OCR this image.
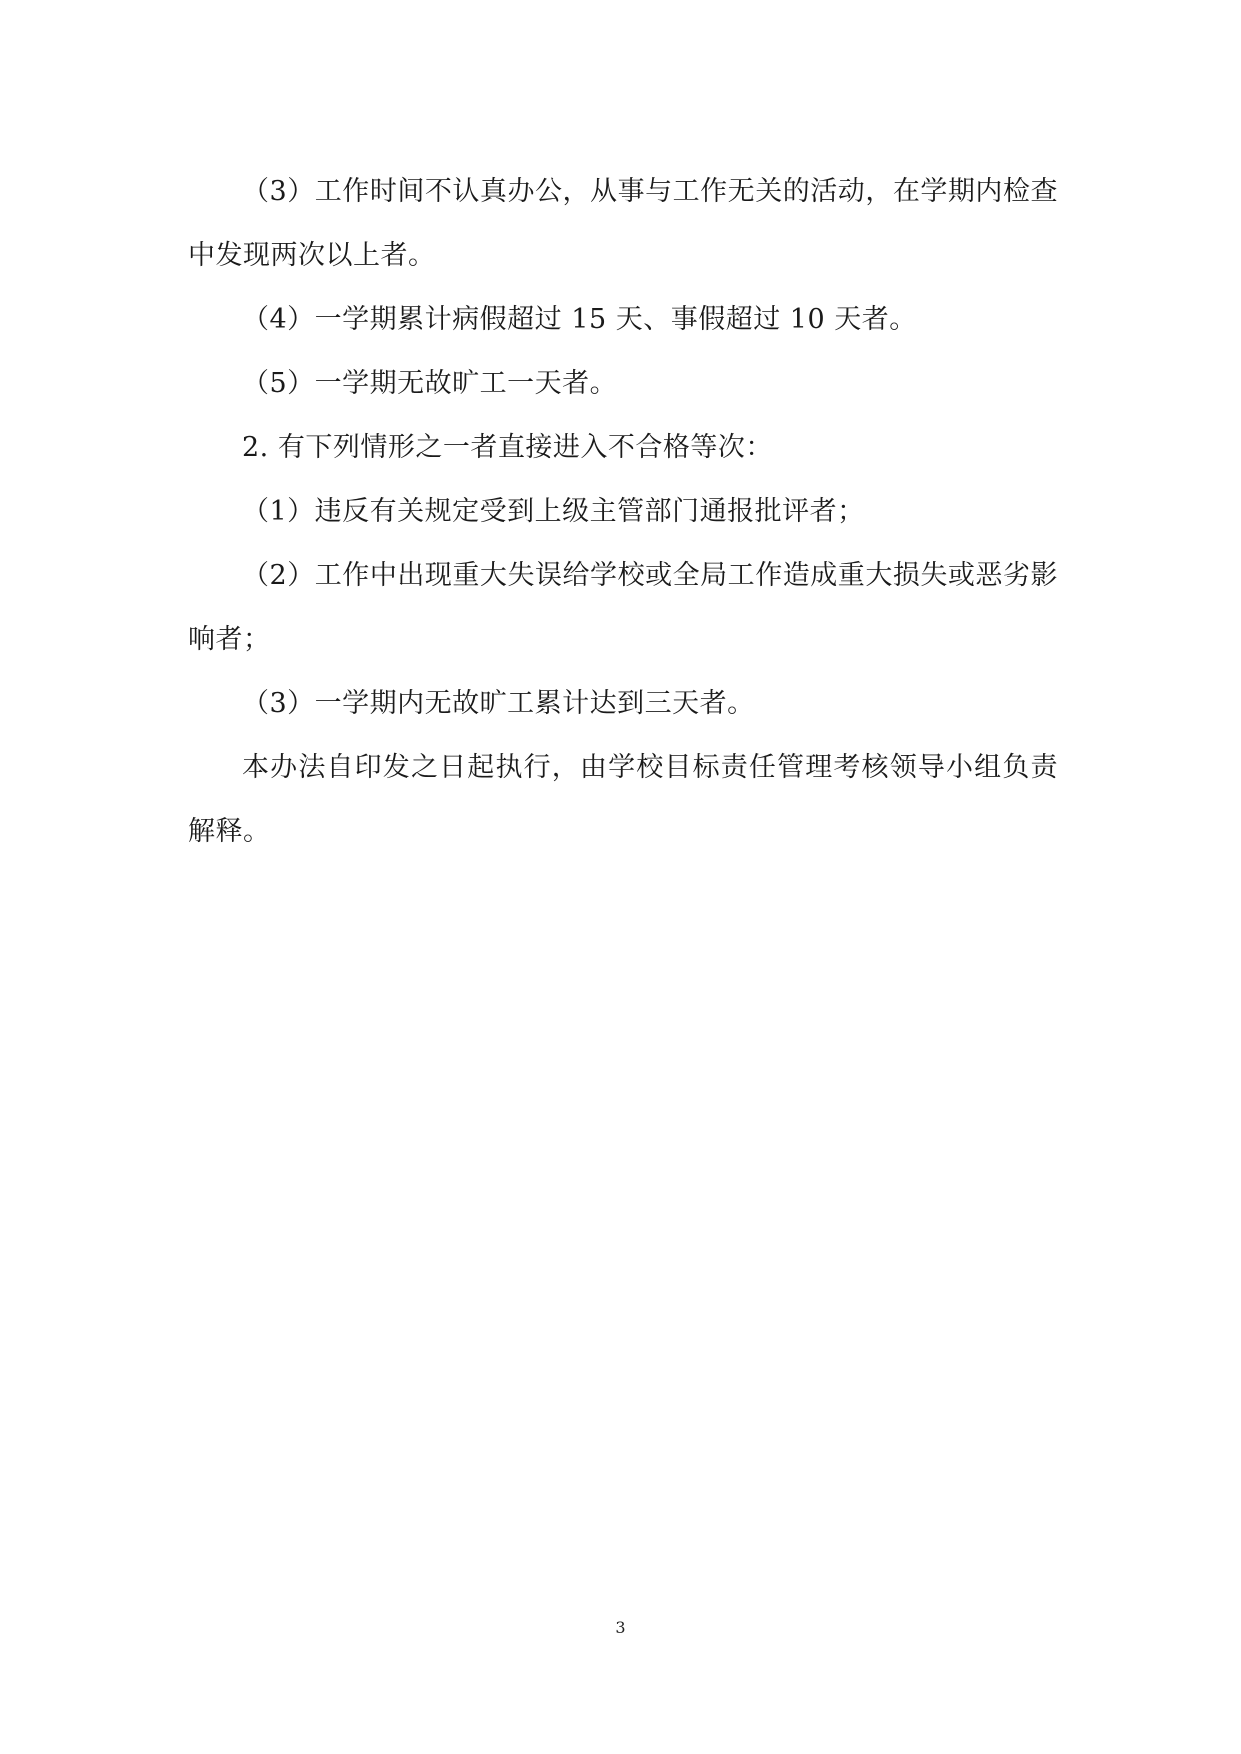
（3）工作时间不认真办公，从事与工作无关的活动，在学期内检查中发现两次以上者。

（4）一学期累计病假超过 15 天、事假超过 10 天者。

（5）一学期无故旷工一天者。

2. 有下列情形之一者直接进入不合格等次：

（1）违反有关规定受到上级主管部门通报批评者；

（2）工作中出现重大失误给学校或全局工作造成重大损失或恶劣影响者；

（3）一学期内无故旷工累计达到三天者。

本办法自印发之日起执行，由学校目标责任管理考核领导小组负责解释。

3
